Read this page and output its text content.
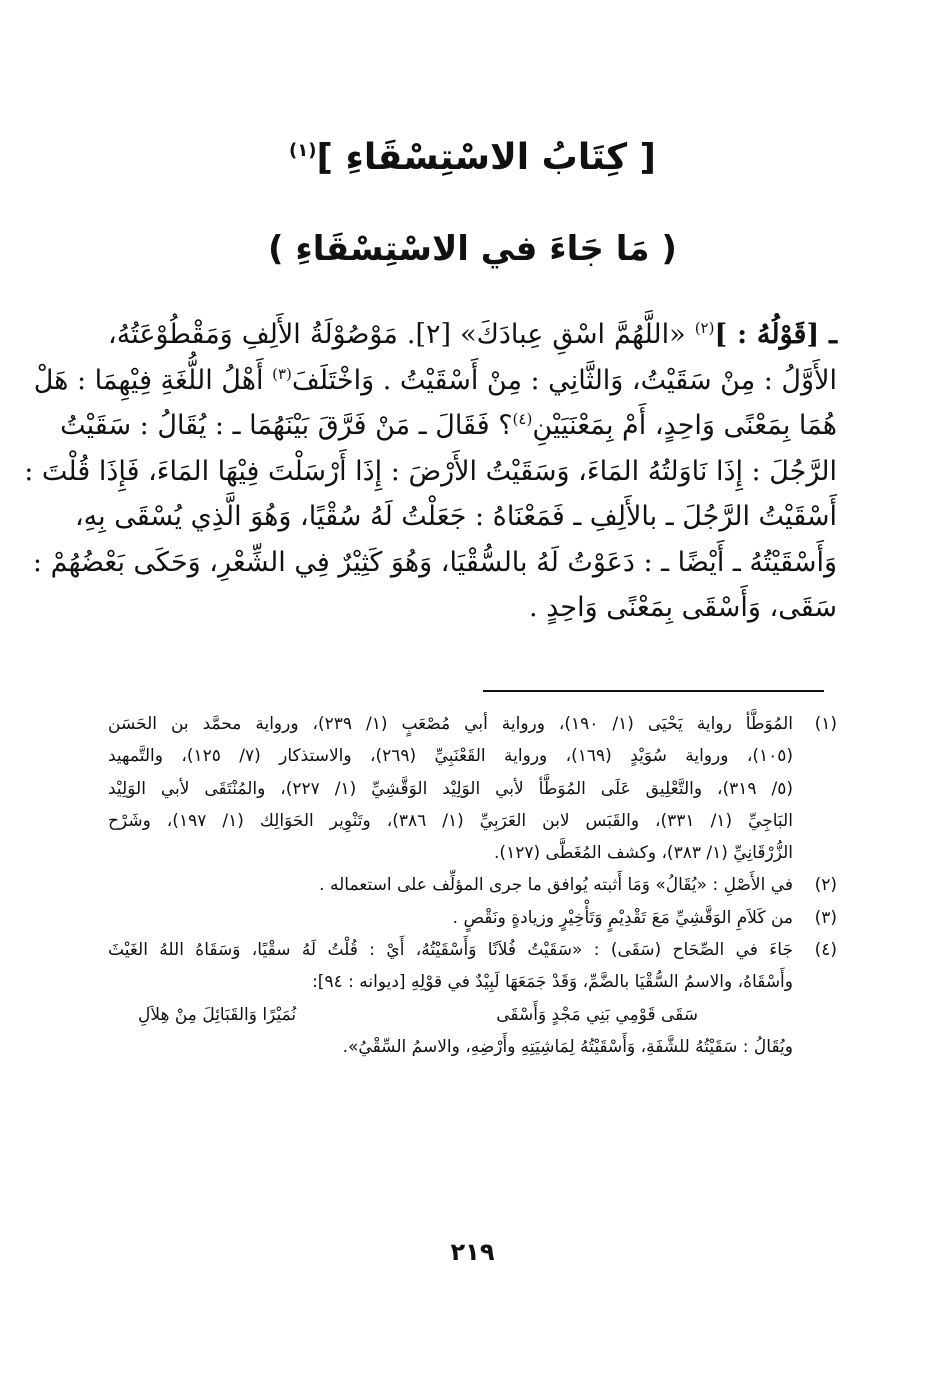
[ كِتَابُ الاسْتِسْقَاءِ ]$^{(١)}$
( مَا جَاءَ في الاسْتِسْقَاءِ )
ـ [قَوْلُهُ : ]$^{(٢)}$ «اللَّهُمَّ اسْقِ عِبادَكَ» [٢]. مَوْصُوْلَةُ الأَلِفِ وَمَقْطُوْعَتُهُ،
الأَوَّلُ : مِنْ سَقَيْتُ، وَالثَّانِي : مِنْ أَسْقَيْتُ . وَاخْتَلَفَ$^{(٣)}$ أَهْلُ اللُّغَةِ فِيْهِمَا : هَلْ
هُمَا بِمَعْنًى وَاحِدٍ، أَمْ بِمَعْنَيَيْنِ$^{(٤)}$؟ فَقَالَ ـ مَنْ فَرَّقَ بَيْنَهُمَا ـ : يُقَالُ : سَقَيْتُ
الرَّجُلَ : إِذَا نَاوَلتُهُ المَاءَ، وَسَقَيْتُ الأَرْضَ : إِذَا أَرْسَلْتَ فِيْهَا المَاءَ، فَإِذَا قُلْتَ :
أَسْقَيْتُ الرَّجُلَ ـ بالأَلِفِ ـ فَمَعْنَاهُ : جَعَلْتُ لَهُ سُقْيًا، وَهُوَ الَّذِي يُسْقَى بِهِ،
وَأَسْقَيْتُهُ ـ أَيْضًا ـ : دَعَوْتُ لَهُ بالسُّقْيَا، وَهُوَ كَثِيْرٌ فِي الشِّعْرِ، وَحَكَى بَعْضُهُمْ :
سَقَى، وَأَسْقَى بِمَعْنًى وَاحِدٍ .
(١)
المُوَطَّأ رواية يَحْيَى (١/ ١٩٠)، ورواية أبي مُصْعَبٍ (١/ ٢٣٩)، ورواية محمَّد بن الحَسَن
(١٠٥)، ورواية سُوَيْدٍ (١٦٩)، ورواية القَعْنَبِيِّ (٢٦٩)، والاستذكار (٧/ ١٢٥)، والتَّمهيد
(٥/ ٣١٩)، والتَّعْلِيق عَلَى المُوَطَّأ لأبي الوَلِيْد الوَقَّشِيِّ (١/ ٢٢٧)، والمُنْتَقَى لأبي الوَلِيْد
البَاجِيِّ (١/ ٣٣١)، والقَبَس لابن العَرَبِيِّ (١/ ٣٨٦)، وتَنْوِير الحَوَالِك (١/ ١٩٧)، وشَرْح
الزُّرْقَانِيِّ (١/ ٣٨٣)، وكشف المُغَطَّى (١٢٧).
(٢)
في الأَصْلِ : «يُقَالُ» وَمَا أَثبته يُوافق ما جرى المؤلِّف على استعماله .
(٣)
من كَلاَمِ الوَقَّشِيِّ مَعَ تَقْدِيْمٍ وَتَأْخِيْرٍ وزيادةٍ ونَقْصٍ .
(٤)
جَاءَ في الصِّحَاح (سَقَى) : «سَقَيْتُ فُلاَنًا وَأَسْقَيْتُهُ، أَيْ : قُلْتُ لَهُ سقْيًا، وَسَقَاهُ اللهُ الغَيْثَ
وأَسْقَاهُ، والاسمُ السُّقْيَا بالضَّمِّ، وَقَدْ جَمَعَهَا لَبِيْدٌ في قوْلِهِ [ديوانه : ٩٤]:
سَقَى قَوْمِي بَنِي مَجْدٍ وَأَسْقَى
نُمَيْرًا وَالقَبَائِلَ مِنْ هِلاَلِ
ويُقَالُ : سَقَيْتُهُ للشَّفَةِ، وَأَسْقَيْتُهُ لِمَاشِيَتِهِ وأَرْضِهِ، والاسمُ السِّقْيُ».
٢١٩
